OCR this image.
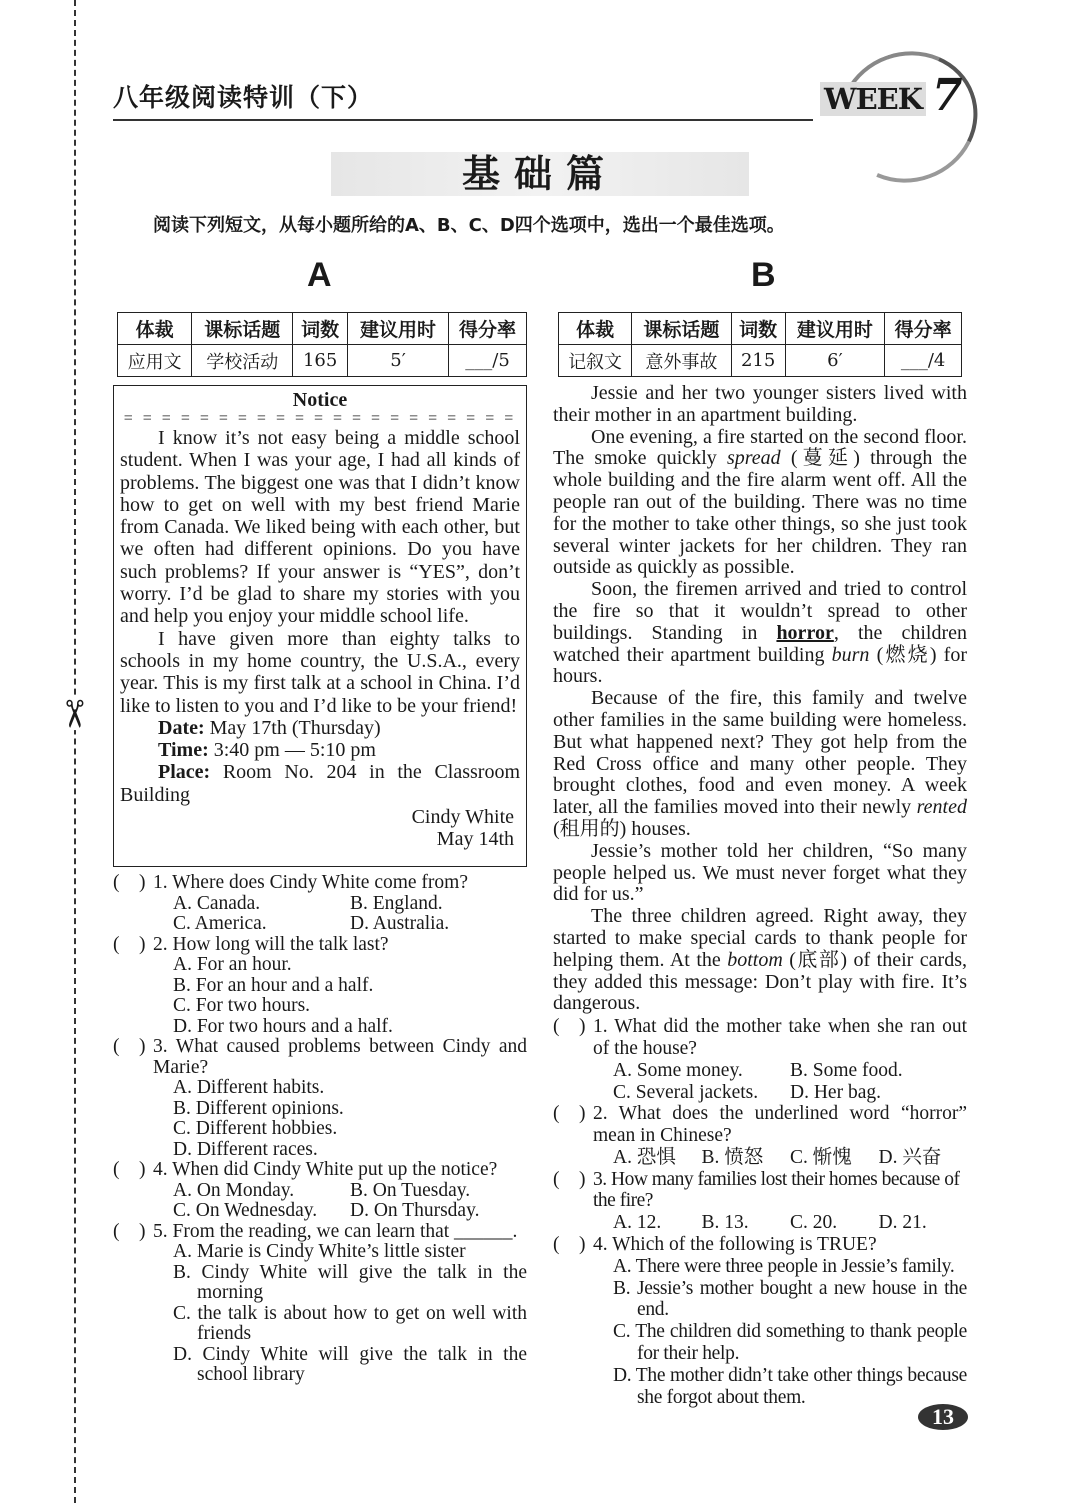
✂
八年级阅读特训（下）	WEEK 7
基础篇
阅读下列短文，从每小题所给的A、B、C、D四个选项中，选出一个最佳选项。
A	B
体裁	课标话题	词数	建议用时	得分率
应用文	学校活动	165	5′	___/5
体裁	课标话题	词数	建议用时	得分率
记叙文	意外事故	215	6′	___/4
Notice
= = = = = = = = = = = = = = = = = = = = =

I know it’s not easy being a middle school student. When I was your age, I had all kinds of problems. The biggest one was that I didn’t know how to get on well with my best friend Marie from Canada. We liked being with each other, but we often had different opinions. Do you have such problems? If your answer is “YES”, don’t worry. I’d be glad to share my stories with you and help you enjoy your middle school life.

I have given more than eighty talks to schools in my home country, the U.S.A., every year. This is my first talk at a school in China. I’d like to listen to you and I’d like to be your friend!

Date: May 17th (Thursday)

Time: 3:40 pm — 5:10 pm

Place: Room No. 204 in the Classroom Building

Cindy White
May 14th
(　) 1. Where does Cindy White come from?
A. Canada.	B. England.
C. America.	D. Australia.
(　) 2. How long will the talk last?
A. For an hour.
B. For an hour and a half.
C. For two hours.
D. For two hours and a half.
(　) 3. What caused problems between Cindy and Marie?
A. Different habits.
B. Different opinions.
C. Different hobbies.
D. Different races.
(　) 4. When did Cindy White put up the notice?
A. On Monday.	B. On Tuesday.
C. On Wednesday.	D. On Thursday.
(　) 5. From the reading, we can learn that ______.
A. Marie is Cindy White’s little sister
B. Cindy White will give the talk in the morning
C. the talk is about how to get on well with friends
D. Cindy White will give the talk in the school library

Jessie and her two younger sisters lived with their mother in an apartment building.

One evening, a fire started on the second floor. The smoke quickly spread (蔓延) through the whole building and the fire alarm went off. All the people ran out of the building. There was no time for the mother to take other things, so she just took several winter jackets for her children. They ran outside as quickly as possible.

Soon, the firemen arrived and tried to control the fire so that it wouldn’t spread to other buildings. Standing in horror, the children watched their apartment building burn (燃烧) for hours.

Because of the fire, this family and twelve other families in the same building were homeless. But what happened next? They got help from the Red Cross office and many other people. They brought clothes, food and even money. A week later, all the families moved into their newly rented (租用的) houses.

Jessie’s mother told her children, “So many people helped us. We must never forget what they did for us.”

The three children agreed. Right away, they started to make special cards to thank people for helping them. At the bottom (底部) of their cards, they added this message: Don’t play with fire. It’s dangerous.

(　) 1. What did the mother take when she ran out of the house?
A. Some money.	B. Some food.
C. Several jackets.	D. Her bag.
(　) 2. What does the underlined word “horror” mean in Chinese?
A. 恐惧	B. 愤怒	C. 惭愧	D. 兴奋
(　) 3. How many families lost their homes because of the fire?
A. 12.	B. 13.	C. 20.	D. 21.
(　) 4. Which of the following is TRUE?
A. There were three people in Jessie’s family.
B. Jessie’s mother bought a new house in the end.
C. The children did something to thank people for their help.
D. The mother didn’t take other things because she forgot about them.
13
